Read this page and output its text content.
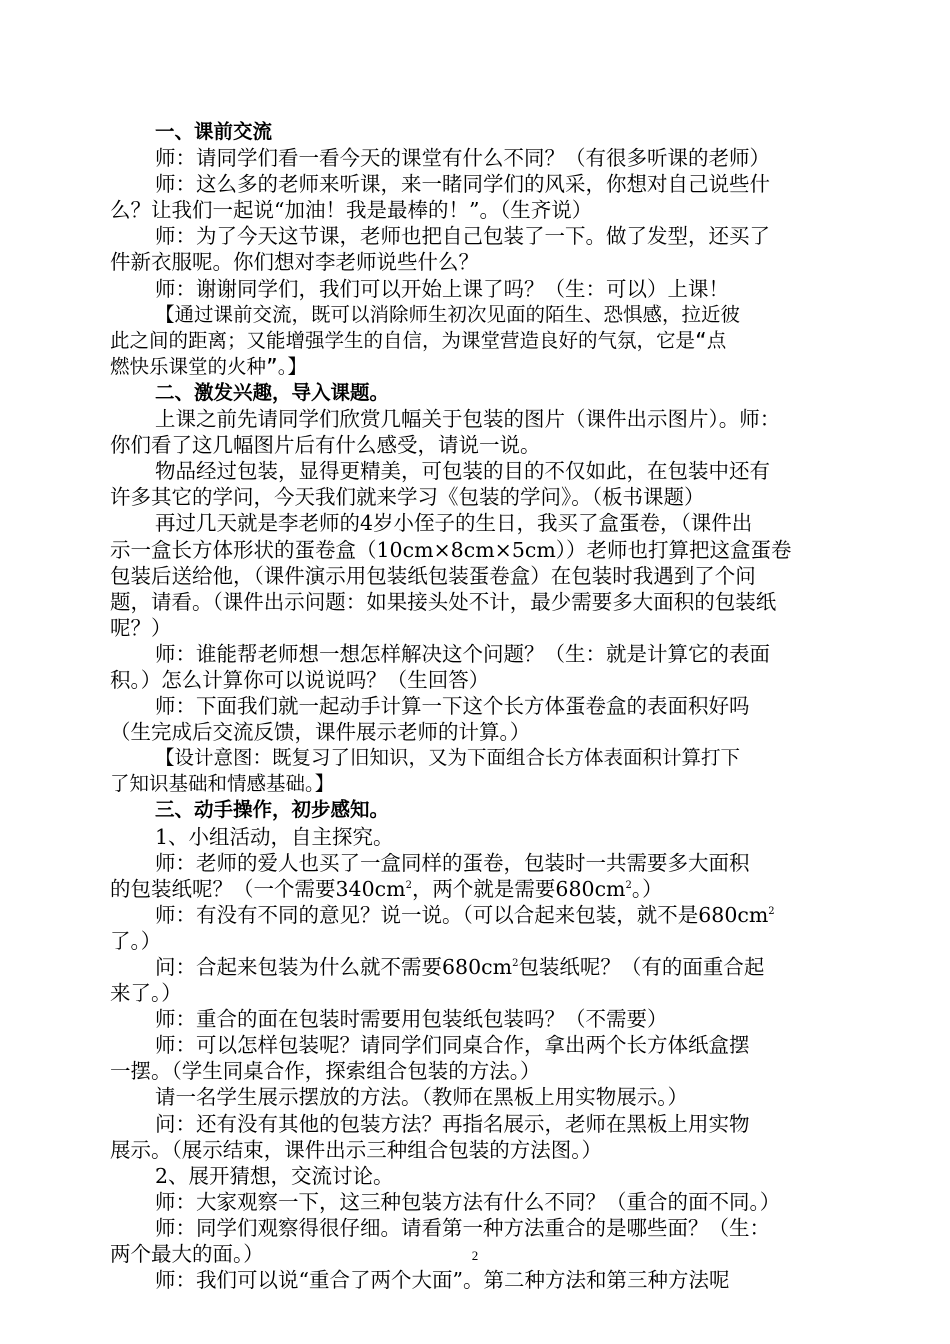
一、课前交流
师：请同学们看一看今天的课堂有什么不同？（有很多听课的老师）
师：这么多的老师来听课，来一睹同学们的风采，你想对自己说些什
么？让我们一起说“加油！我是最棒的！”。（生齐说）
师：为了今天这节课，老师也把自己包装了一下。做了发型，还买了
件新衣服呢。你们想对李老师说些什么？
师：谢谢同学们，我们可以开始上课了吗？（生：可以）上课！
【通过课前交流，既可以消除师生初次见面的陌生、恐惧感，拉近彼
此之间的距离；又能增强学生的自信，为课堂营造良好的气氛，它是“点
燃快乐课堂的火种”。】
二、激发兴趣，导入课题。
上课之前先请同学们欣赏几幅关于包装的图片（课件出示图片）。师：
你们看了这几幅图片后有什么感受，请说一说。
物品经过包装，显得更精美，可包装的目的不仅如此，在包装中还有
许多其它的学问，今天我们就来学习《包装的学问》。（板书课题）
再过几天就是李老师的4岁小侄子的生日，我买了盒蛋卷，（课件出
示一盒长方体形状的蛋卷盒（10cm×8cm×5cm））老师也打算把这盒蛋卷
包装后送给他，（课件演示用包装纸包装蛋卷盒）在包装时我遇到了个问
题，请看。（课件出示问题：如果接头处不计，最少需要多大面积的包装纸
呢？）
师：谁能帮老师想一想怎样解决这个问题？（生：就是计算它的表面
积。）怎么计算你可以说说吗？（生回答）
师：下面我们就一起动手计算一下这个长方体蛋卷盒的表面积好吗
（生完成后交流反馈，课件展示老师的计算。）
【设计意图：既复习了旧知识，又为下面组合长方体表面积计算打下
了知识基础和情感基础。】
三、动手操作，初步感知。
1、小组活动，自主探究。
师：老师的爱人也买了一盒同样的蛋卷，包装时一共需要多大面积
的包装纸呢？（一个需要$340cm^2$，两个就是需要$680cm^2$。）
师：有没有不同的意见？说一说。（可以合起来包装，就不是$680cm^2$
了。）
问：合起来包装为什么就不需要$680cm^2$包装纸呢？（有的面重合起
来了。）
师：重合的面在包装时需要用包装纸包装吗？（不需要）
师：可以怎样包装呢？请同学们同桌合作，拿出两个长方体纸盒摆
一摆。（学生同桌合作，探索组合包装的方法。）
请一名学生展示摆放的方法。（教师在黑板上用实物展示。）
问：还有没有其他的包装方法？再指名展示，老师在黑板上用实物
展示。（展示结束，课件出示三种组合包装的方法图。）
2、展开猜想，交流讨论。
师：大家观察一下，这三种包装方法有什么不同？（重合的面不同。）
师：同学们观察得很仔细。请看第一种方法重合的是哪些面？（生：
两个最大的面。）
师：我们可以说“重合了两个大面”。第二种方法和第三种方法呢
2
